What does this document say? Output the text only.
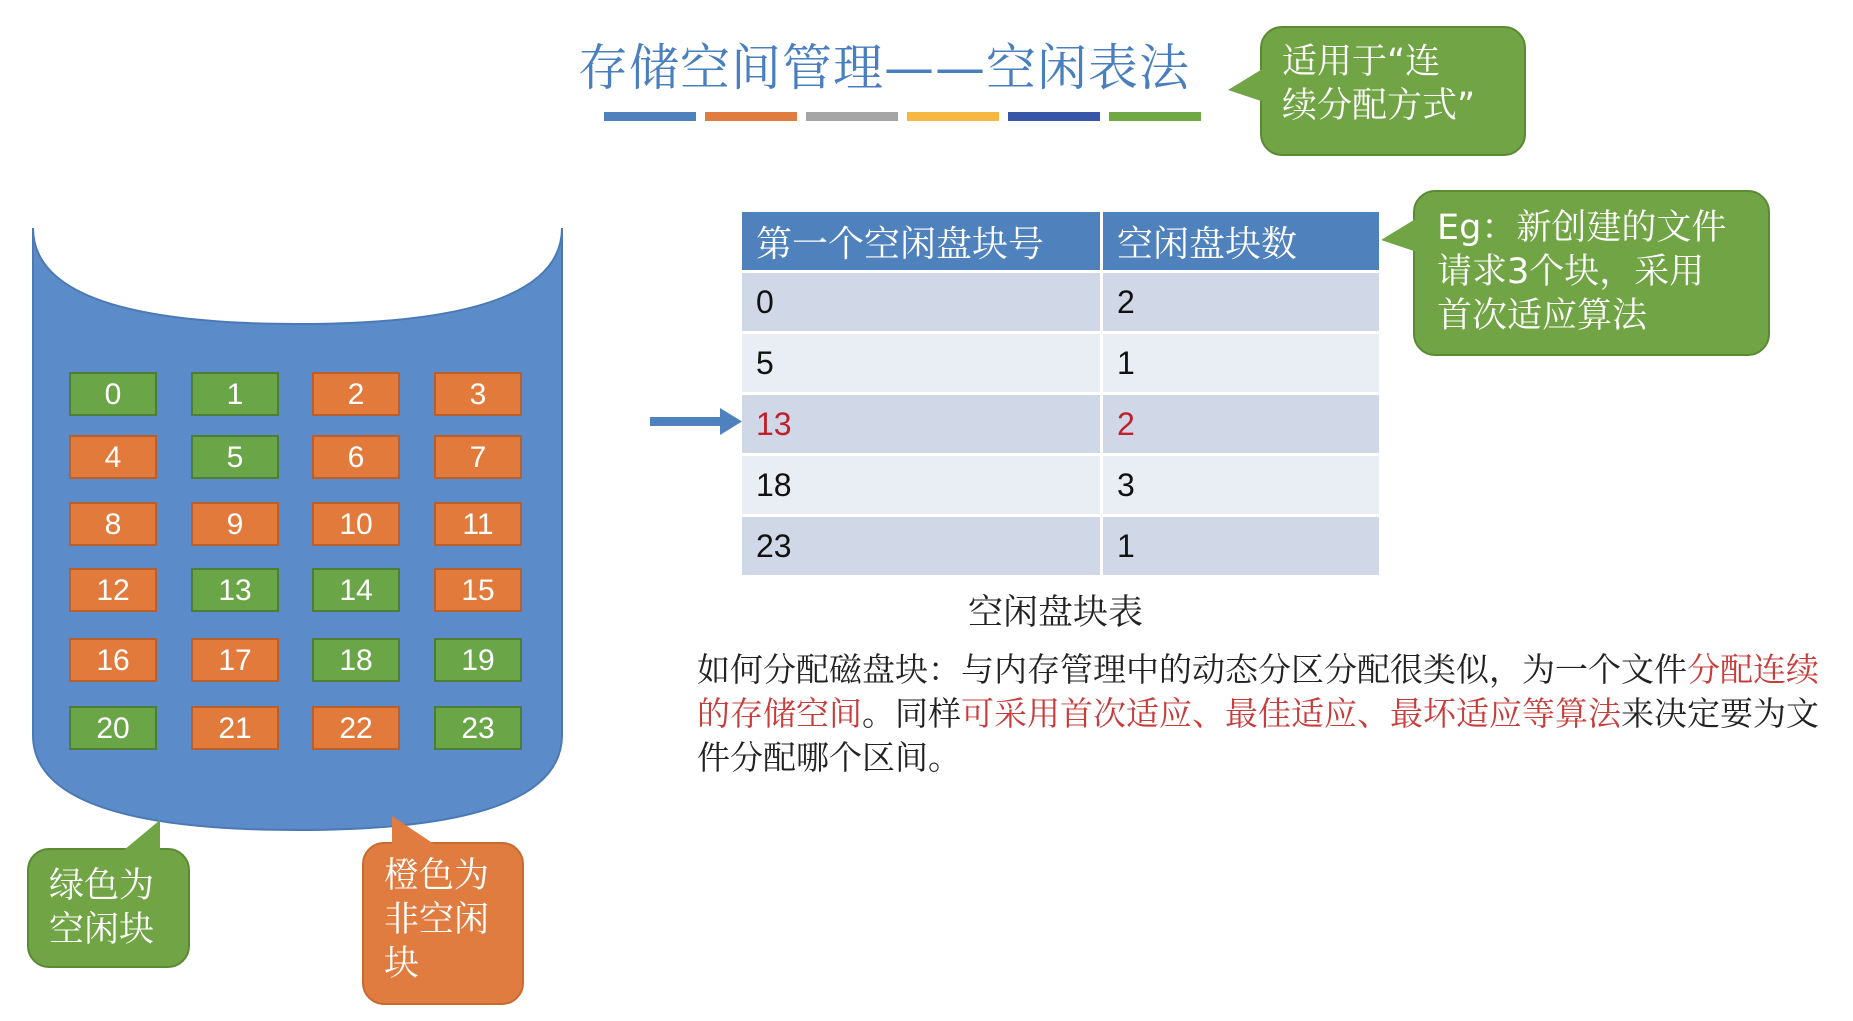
存储空间管理——空闲表法	适用于“连
续分配方式”
Eg：新创建的文件
请求3个块，采用
首次适应算法
0	1	2	3
4	5	6	7
8	9	10	11
12	13	14	15
16	17	18	19
20	21	22	23
绿色为
空闲块
橙色为
非空闲
块
第一个空闲盘块号	空闲盘块数
0	2
5	1
13	2
18	3
23	1
空闲盘块表
如何分配磁盘块：与内存管理中的动态分区分配很类似，为一个文件分配连续的存储空间。同样可采用首次适应、最佳适应、最坏适应等算法来决定要为文件分配哪个区间。
